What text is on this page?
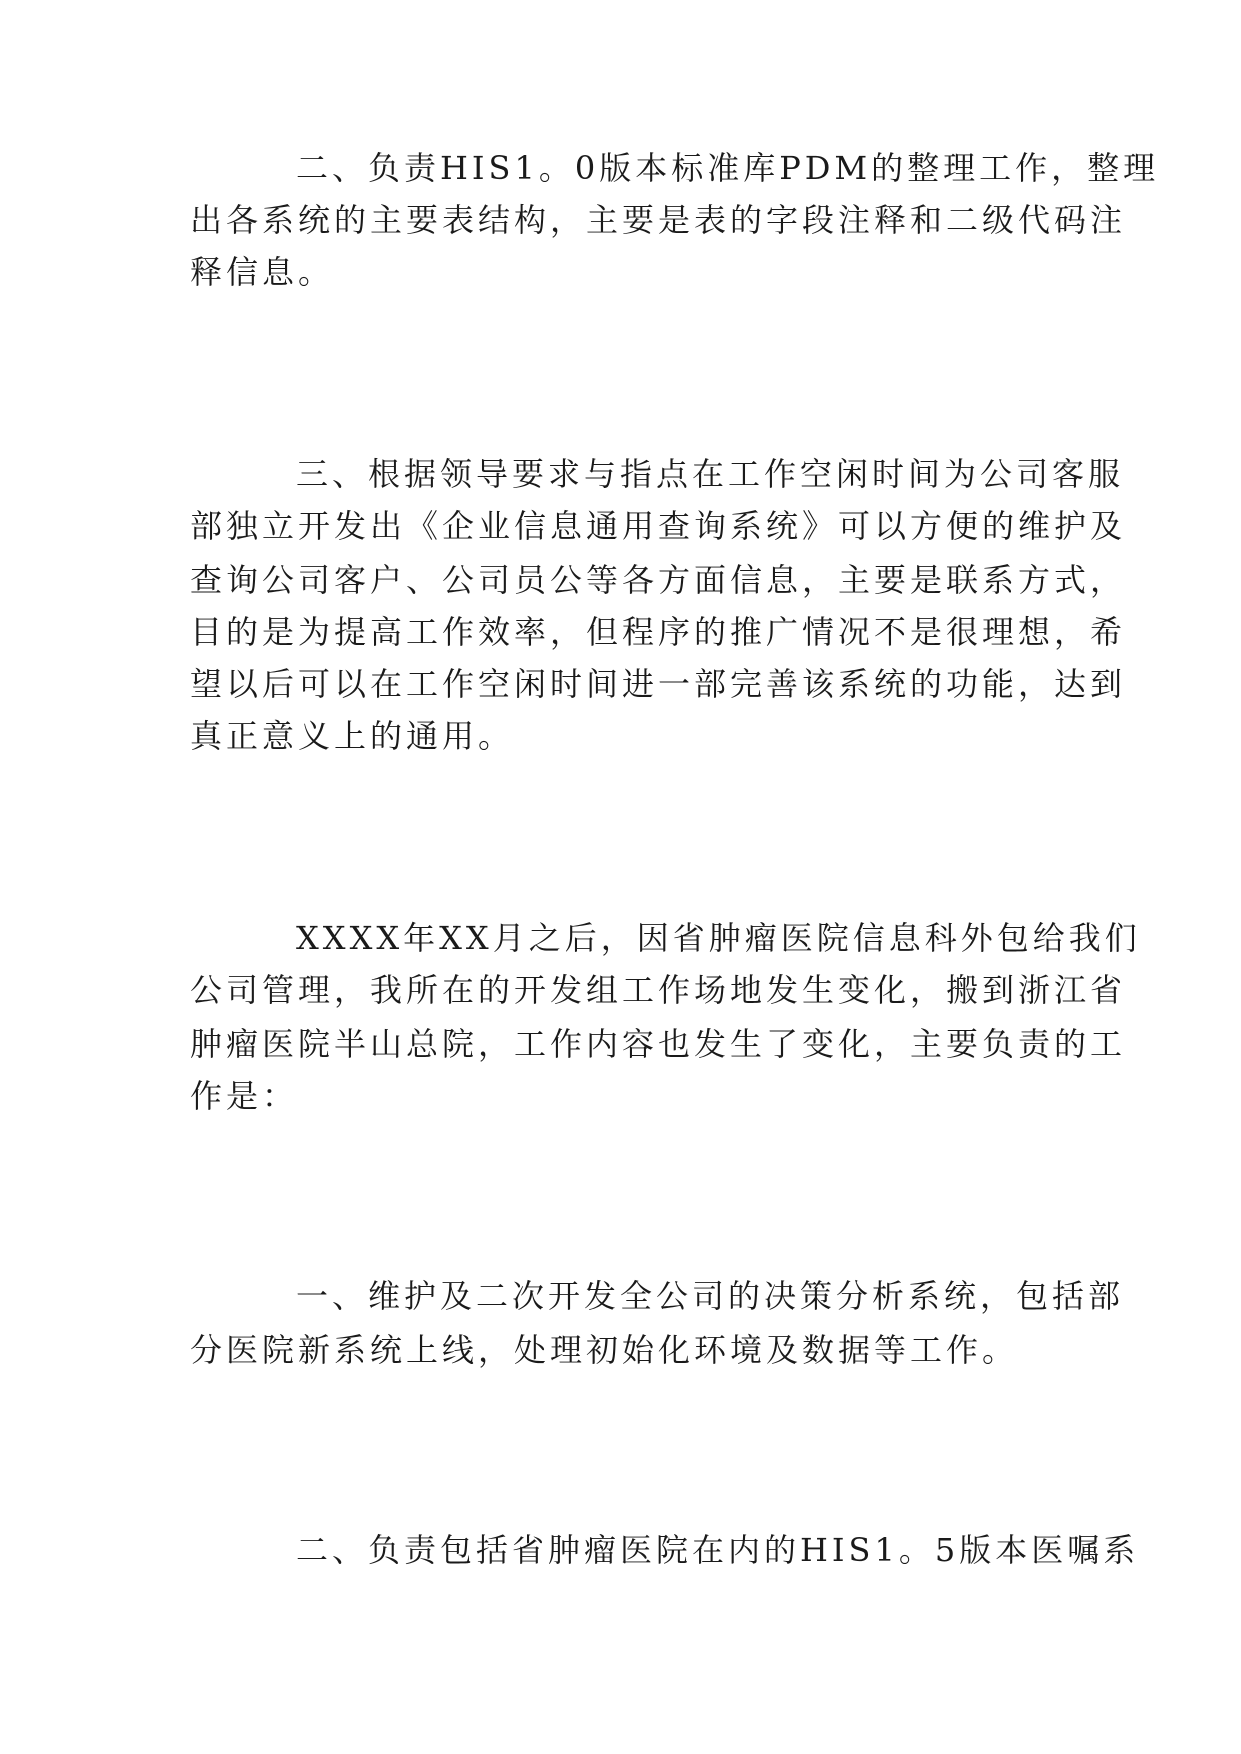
二、负责HIS1。0版本标准库PDM的整理工作，整理

出各系统的主要表结构，主要是表的字段注释和二级代码注

释信息。

三、根据领导要求与指点在工作空闲时间为公司客服

部独立开发出《企业信息通用查询系统》可以方便的维护及

查询公司客户、公司员公等各方面信息，主要是联系方式，

目的是为提高工作效率，但程序的推广情况不是很理想，希

望以后可以在工作空闲时间进一部完善该系统的功能，达到

真正意义上的通用。

XXXX年XX月之后，因省肿瘤医院信息科外包给我们

公司管理，我所在的开发组工作场地发生变化，搬到浙江省

肿瘤医院半山总院，工作内容也发生了变化，主要负责的工

作是：

一、维护及二次开发全公司的决策分析系统，包括部

分医院新系统上线，处理初始化环境及数据等工作。

二、负责包括省肿瘤医院在内的HIS1。5版本医嘱系
